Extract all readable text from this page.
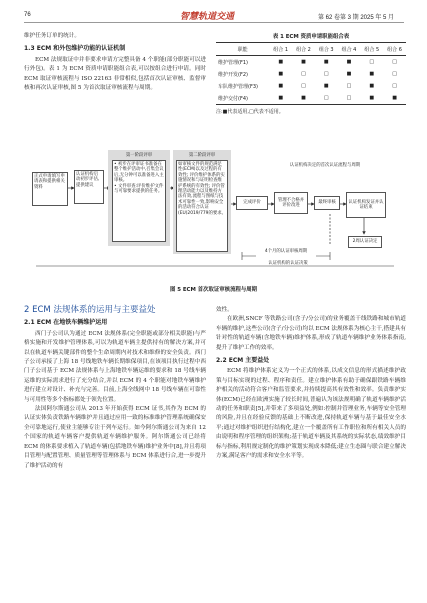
76	智慧轨道交通	第 62 卷第 3 期 2025 年 5 月

维护任务订单的统计。

1.3 ECM 和外包维护功能的认证机制

ECM 法规取证中并非要求申请方完整具备 4 个职能(部分职能可以进行外包)。表 1 为 ECM 资质申请职能组合表,可以按组合进行申请。同时 ECM 取证审核流程与 ISO 22163 非常相似,包括首次认证审核、监督审核和再次认证审核,图 5 为首次取证审核流程与周期。

表 1 ECM 资质申请职能组合表
职能	组合 1	组合 2	组合 3	组合 4	组合 5	组合 6
维护管理(F1)	■	■	■	■	□	□
维护开发(F2)	■	□	□	■	■	□
车队维护管理(F3)	■	□	■	□	■	□
维护交付(F4)	■	■	□	□	■	■
注:■代表适用,□代表不适用。
正式申请填写申请表和提供相关资料
认证机构启动初步评估,提供建议
第一阶段评审
• 初步在评审证书准备在整个维护活动中,召集会议后,无分钟可以准备进入主审核。
• 文件审查:评价维护文件与可靠要求提供的任务。
第二阶段评审
如审核文件的规范满足性(ECM)以及过程的有效性; 评价维护体系的实施情况和与证明检查维护系统的有效性; 评价管理活动能力以及维持方法有效,流程与图纸与技术可靠性一致,影响安全的活动符合认证(EU)2019/779的要求。
完成评价
管理不合格并评价改进
最终审核	认证机构发证并认证结束
2周认证决定
认证机构决定的首次认证流程与周期
4个月的认证审核周期
认证机构的认证决策
图 5 ECM 首次取证审核流程与周期
2 ECM 法规体系的运用与主要益处
2.1 ECM 在地铁车辆维护运用

西门子公司认为通过 ECM 法规体系(完全职能或部分相关职能)与严格实施和开发维护管理体系,可以为轨道车辆主提供持有的解决方案,并可以在轨道车辆关键部件的整个生命周期内对技术和维修的安全负责。西门子公司承接了上海 18 号线地铁车辆长期维保项目,在该项目执行过程中西门子公司基于 ECM 法规体系与上海地铁车辆运维的要求和 18 号线车辆运维的实际需求进行了充分结合,并以 ECM 的 4 个职能对地铁车辆维护进行建立对设计、补充与完善。目前,上海全线网中 18 号线车辆在可靠性与可用性等多个指标都处于领先位置。

法国阿尔斯通公司从 2013 年开始获得 ECM 证书,其作为 ECM 的认证实体负责铁路车辆维护并且通过应用一致的标准维护管理系统确保安全可靠地运行,使业主能够专注于列车运行。如今阿尔斯通公司为来自 12 个国家的轨道车辆客户提供轨道车辆维护服务。阿尔斯通公司已经将 ECM 的体系要求植入了轨道车辆(包括地铁车辆)维护业务中[8],并且将项目管理与配置管理、质量管理等管理体系与 ECM 体系进行合,进一步提升了维护活动的有

效性。

在欧洲,SNCF 等铁路公司(含子/分公司)的业务覆盖干线铁路和城市轨道车辆的维护,这些公司(含子/分公司)均以 ECM 法规体系为核心主干,搭建具有针对性的轨道车辆(含地铁车辆)维护体系,形成了轨道车辆维护业务体系指南,提升了维护工作的效率。

2.2 ECM 主要益处

ECM 将维护体系定义为一个正式的体系,以成文信息的形式描述维护政策与目标实现的过程、程序和责任。建立维护体系有助于确保跟铁路车辆维护相关的活动符合客户和监管要求,并持续提高其有效性和效率。负责维护实体(ECM)已经在欧洲实施了较长时间,普遍认为该法规明确了轨道车辆维护活动的任务和职责[5],并带来了多项益处,例如:控制并管理业务,车辆等安全管理的风险,并且在经验反馈的基础上不断改进,保持轨道车辆与基于最佳安全水平;通过对维护组织进行结构化,建立一个覆盖所有工作职位和所有相关人员的由说明和程序管理的组织架构;基于轨道车辆及其系统的实际状态,绩效维护目标与指标,利用规定制化的维护策划实现成本降低;建立生态圈与联合建立解决方案,满足客户的需求和安全水平等。
